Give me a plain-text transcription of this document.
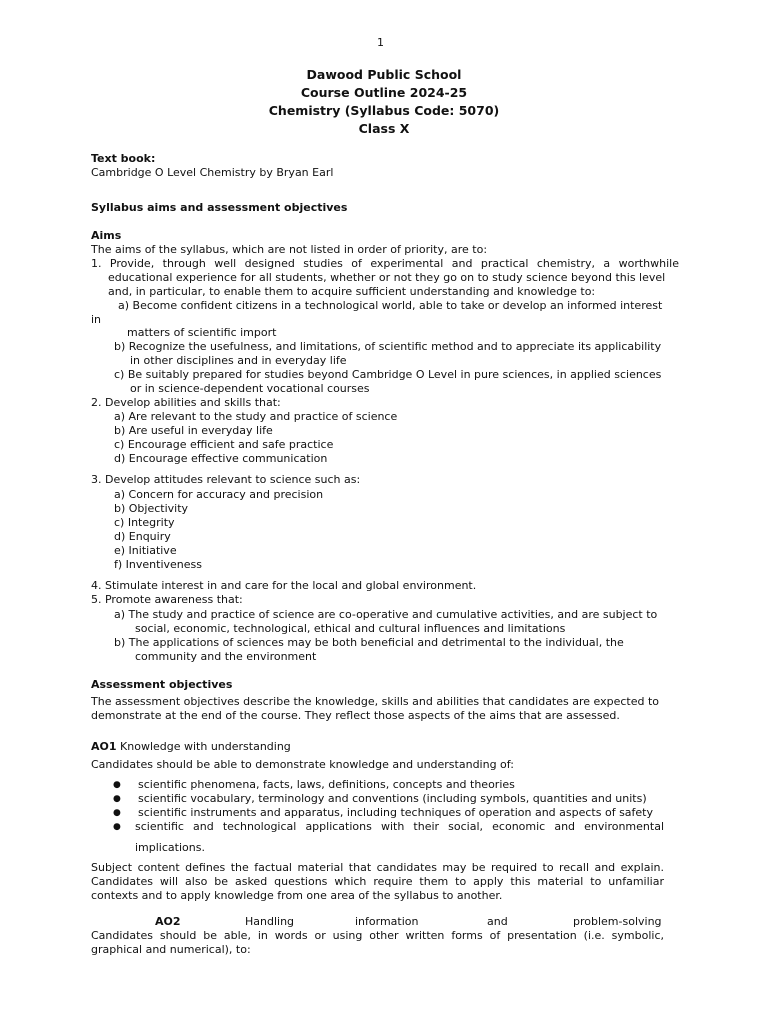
1
Dawood Public School
Course Outline 2024-25
Chemistry (Syllabus Code: 5070)
Class X
Text book:
Cambridge O Level Chemistry by Bryan Earl
Syllabus aims and assessment objectives
Aims
The aims of the syllabus, which are not listed in order of priority, are to:
1. Provide, through well designed studies of experimental and practical chemistry, a worthwhile
educational experience for all students, whether or not they go on to study science beyond this level
and, in particular, to enable them to acquire sufficient understanding and knowledge to:
a) Become confident citizens in a technological world, able to take or develop an informed interest
in
matters of scientific import
b) Recognize the usefulness, and limitations, of scientific method and to appreciate its applicability
in other disciplines and in everyday life
c) Be suitably prepared for studies beyond Cambridge O Level in pure sciences, in applied sciences
or in science-dependent vocational courses
2. Develop abilities and skills that:
a) Are relevant to the study and practice of science
b) Are useful in everyday life
c) Encourage efficient and safe practice
d) Encourage effective communication
3. Develop attitudes relevant to science such as:
a) Concern for accuracy and precision
b) Objectivity
c) Integrity
d) Enquiry
e) Initiative
f) Inventiveness
4. Stimulate interest in and care for the local and global environment.
5. Promote awareness that:
a) The study and practice of science are co-operative and cumulative activities, and are subject to
social, economic, technological, ethical and cultural influences and limitations
b) The applications of sciences may be both beneficial and detrimental to the individual, the
community and the environment
Assessment objectives
The assessment objectives describe the knowledge, skills and abilities that candidates are expected to
demonstrate at the end of the course. They reflect those aspects of the aims that are assessed.
AO1 Knowledge with understanding
Candidates should be able to demonstrate knowledge and understanding of:
● scientific phenomena, facts, laws, definitions, concepts and theories
● scientific vocabulary, terminology and conventions (including symbols, quantities and units)
● scientific instruments and apparatus, including techniques of operation and aspects of safety
● scientific and technological applications with their social, economic and environmental
implications.
Subject content defines the factual material that candidates may be required to recall and explain.
Candidates will also be asked questions which require them to apply this material to unfamiliar
contexts and to apply knowledge from one area of the syllabus to another.
AO2	Handling	information	and	problem-solving
Candidates should be able, in words or using other written forms of presentation (i.e. symbolic,
graphical and numerical), to:
